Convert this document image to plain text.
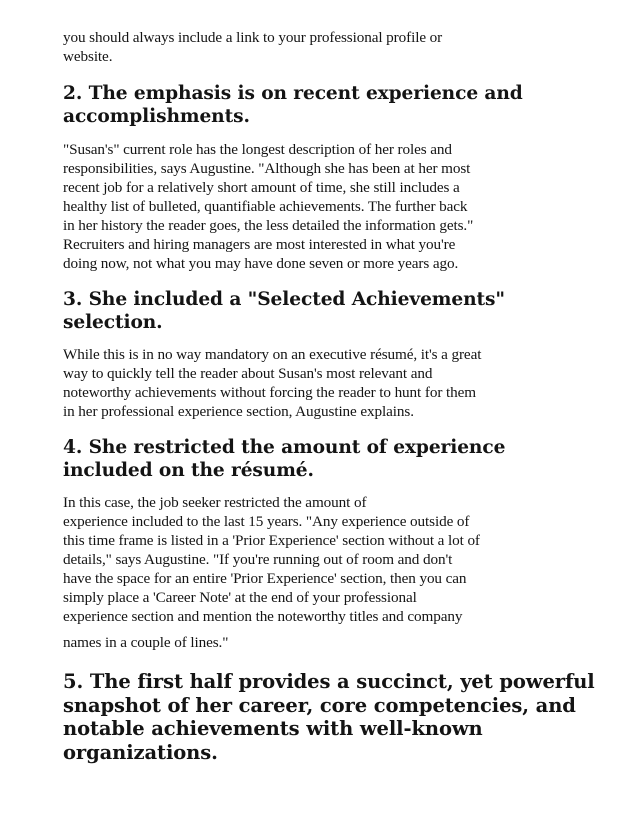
you should always include a link to your professional profile or
website.

2. The emphasis is on recent experience and
accomplishments.

"Susan's" current role has the longest description of her roles and
responsibilities, says Augustine. "Although she has been at her most
recent job for a relatively short amount of time, she still includes a
healthy list of bulleted, quantifiable achievements. The further back
in her history the reader goes, the less detailed the information gets."
Recruiters and hiring managers are most interested in what you're
doing now, not what you may have done seven or more years ago.

3. She included a "Selected Achievements"
selection.

While this is in no way mandatory on an executive résumé, it's a great
way to quickly tell the reader about Susan's most relevant and
noteworthy achievements without forcing the reader to hunt for them
in her professional experience section, Augustine explains.

4. She restricted the amount of experience
included on the résumé.

In this case, the job seeker restricted the amount of
experience included to the last 15 years. "Any experience outside of
this time frame is listed in a 'Prior Experience' section without a lot of
details," says Augustine. "If you're running out of room and don't
have the space for an entire 'Prior Experience' section, then you can
simply place a 'Career Note' at the end of your professional
experience section and mention the noteworthy titles and company
names in a couple of lines."

5. The first half provides a succinct, yet powerful
snapshot of her career, core competencies, and
notable achievements with well-known
organizations.
